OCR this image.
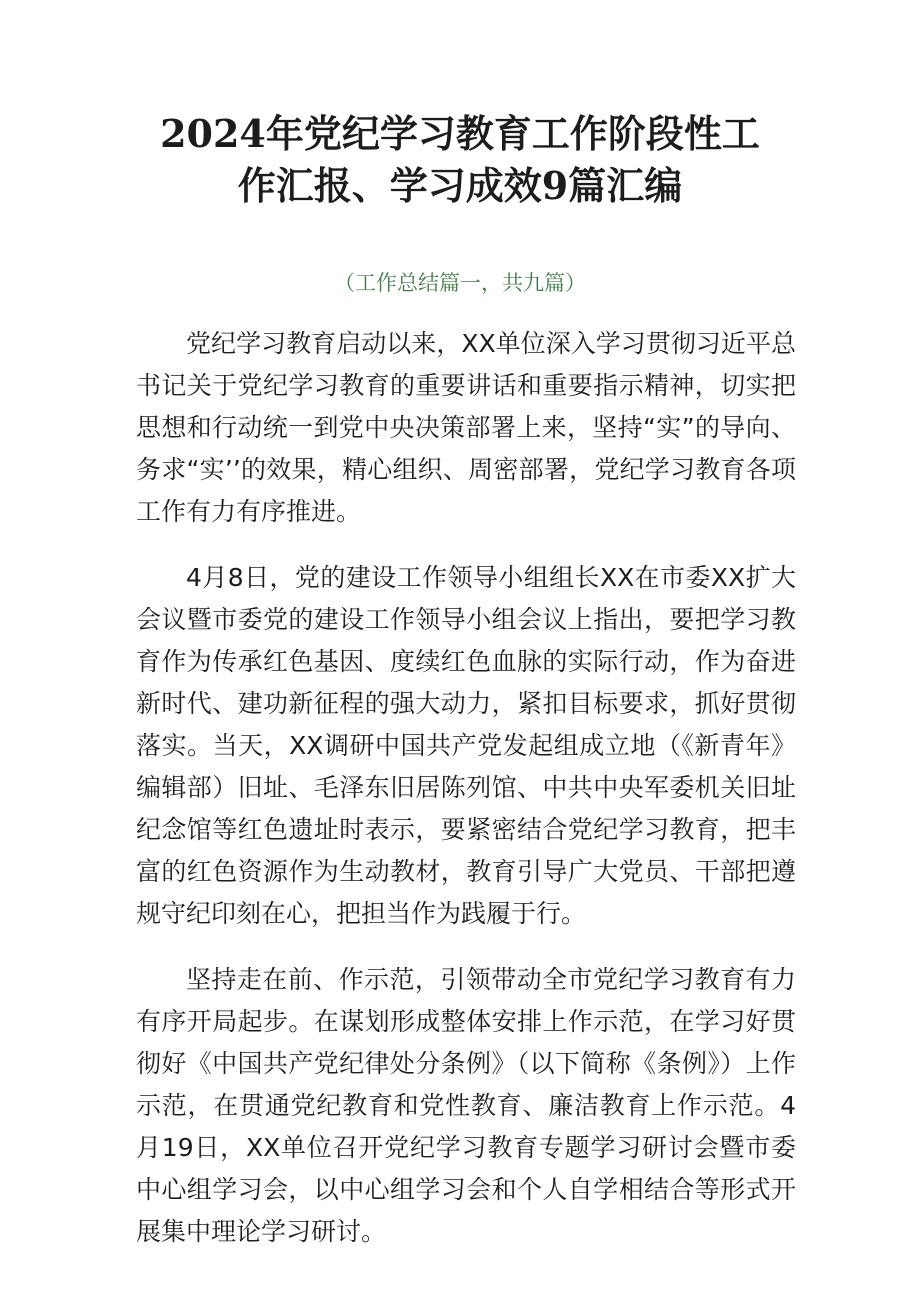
2024年党纪学习教育工作阶段性工作汇报、学习成效9篇汇编
（工作总结篇一，共九篇）

党纪学习教育启动以来，XX单位深入学习贯彻习近平总书记关于党纪学习教育的重要讲话和重要指示精神，切实把思想和行动统一到党中央决策部署上来，坚持“实”的导向、务求“实’’的效果，精心组织、周密部署，党纪学习教育各项工作有力有序推进。

4月8日，党的建设工作领导小组组长XX在市委XX扩大会议暨市委党的建设工作领导小组会议上指出，要把学习教育作为传承红色基因、度续红色血脉的实际行动，作为奋进新时代、建功新征程的强大动力，紧扣目标要求，抓好贯彻落实。当天，XX调研中国共产党发起组成立地（《新青年》编辑部）旧址、毛泽东旧居陈列馆、中共中央军委机关旧址纪念馆等红色遗址时表示，要紧密结合党纪学习教育，把丰富的红色资源作为生动教材，教育引导广大党员、干部把遵规守纪印刻在心，把担当作为践履于行。

坚持走在前、作示范，引领带动全市党纪学习教育有力有序开局起步。在谋划形成整体安排上作示范，在学习好贯彻好《中国共产党纪律处分条例》（以下简称《条例》）上作示范，在贯通党纪教育和党性教育、廉洁教育上作示范。4月19日，XX单位召开党纪学习教育专题学习研讨会暨市委中心组学习会，以中心组学习会和个人自学相结合等形式开展集中理论学习研讨。
